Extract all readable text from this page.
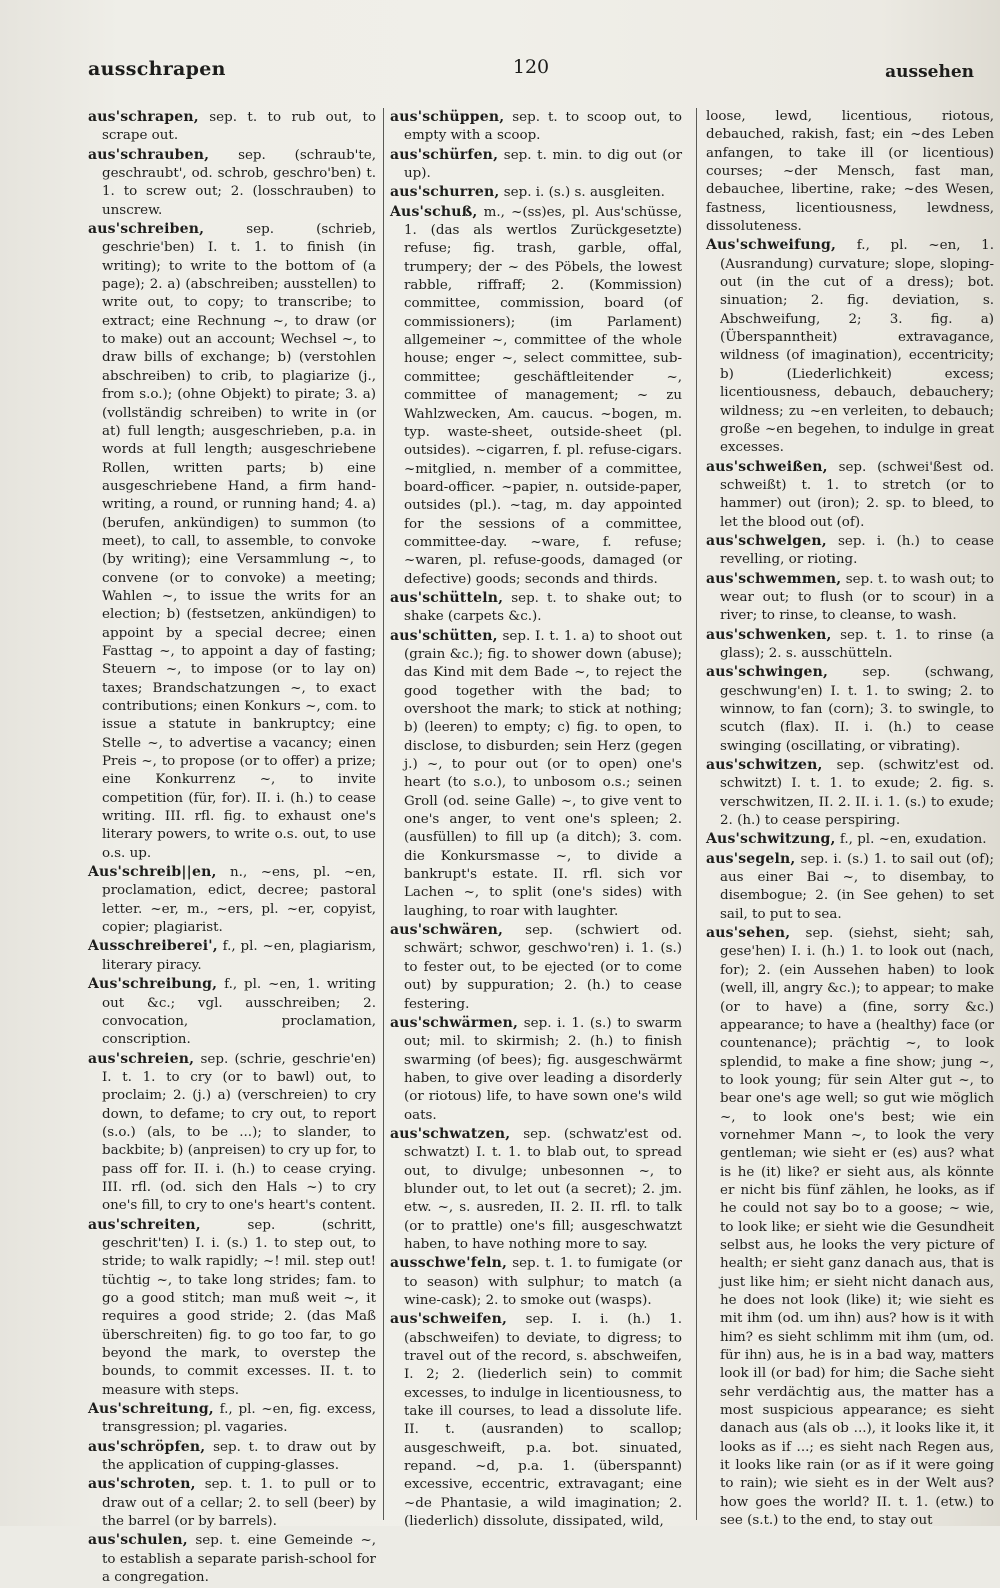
ausschrapen	120	aussehen

aus'schrapen, sep. t. to rub out, to scrape out.

aus'schrauben, sep. (schraub'te, geschraubt', od. schrob, geschro'ben) t. 1. to screw out; 2. (losschrauben) to unscrew.

aus'schreiben, sep. (schrieb, geschrie'ben) I. t. 1. to finish (in writing); to write to the bottom of (a page); 2. a) (abschreiben; ausstellen) to write out, to copy; to transcribe; to extract; eine Rechnung ~, to draw (or to make) out an account; Wechsel ~, to draw bills of exchange; b) (verstohlen abschreiben) to crib, to plagiarize (j., from s.o.); (ohne Objekt) to pirate; 3. a) (vollständig schreiben) to write in (or at) full length; ausgeschrieben, p.a. in words at full length; ausgeschriebene Rollen, written parts; b) eine ausgeschriebene Hand, a firm hand-writing, a round, or running hand; 4. a) (berufen, ankündigen) to summon (to meet), to call, to assemble, to convoke (by writing); eine Versammlung ~, to convene (or to convoke) a meeting; Wahlen ~, to issue the writs for an election; b) (festsetzen, ankündigen) to appoint by a special decree; einen Fasttag ~, to appoint a day of fasting; Steuern ~, to impose (or to lay on) taxes; Brandschatzungen ~, to exact contributions; einen Konkurs ~, com. to issue a statute in bankruptcy; eine Stelle ~, to advertise a vacancy; einen Preis ~, to propose (or to offer) a prize; eine Konkurrenz ~, to invite competition (für, for). II. i. (h.) to cease writing. III. rfl. fig. to exhaust one's literary powers, to write o.s. out, to use o.s. up.

Aus'schreib||en, n., ~ens, pl. ~en, proclamation, edict, decree; pastoral letter. ~er, m., ~ers, pl. ~er, copyist, copier; plagiarist.

Ausschreiberei', f., pl. ~en, plagiarism, literary piracy.

Aus'schreibung, f., pl. ~en, 1. writing out &c.; vgl. ausschreiben; 2. convocation, proclamation, conscription.

aus'schreien, sep. (schrie, geschrie'en) I. t. 1. to cry (or to bawl) out, to proclaim; 2. (j.) a) (verschreien) to cry down, to defame; to cry out, to report (s.o.) (als, to be ...); to slander, to backbite; b) (anpreisen) to cry up for, to pass off for. II. i. (h.) to cease crying. III. rfl. (od. sich den Hals ~) to cry one's fill, to cry to one's heart's content.

aus'schreiten, sep. (schritt, geschrit'ten) I. i. (s.) 1. to step out, to stride; to walk rapidly; ~! mil. step out! tüchtig ~, to take long strides; fam. to go a good stitch; man muß weit ~, it requires a good stride; 2. (das Maß überschreiten) fig. to go too far, to go beyond the mark, to overstep the bounds, to commit excesses. II. t. to measure with steps.

Aus'schreitung, f., pl. ~en, fig. excess, transgression; pl. vagaries.

aus'schröpfen, sep. t. to draw out by the application of cupping-glasses.

aus'schroten, sep. t. 1. to pull or to draw out of a cellar; 2. to sell (beer) by the barrel (or by barrels).

aus'schulen, sep. t. eine Gemeinde ~, to establish a separate parish-school for a congregation.

aus'schüppen, sep. t. to scoop out, to empty with a scoop.

aus'schürfen, sep. t. min. to dig out (or up).

aus'schurren, sep. i. (s.) s. ausgleiten.

Aus'schuß, m., ~(ss)es, pl. Aus'schüsse, 1. (das als wertlos Zurückgesetzte) refuse; fig. trash, garble, offal, trumpery; der ~ des Pöbels, the lowest rabble, riffraff; 2. (Kommission) committee, commission, board (of commissioners); (im Parlament) allgemeiner ~, committee of the whole house; enger ~, select committee, sub-committee; geschäftleitender ~, committee of management; ~ zu Wahlzwecken, Am. caucus. ~bogen, m. typ. waste-sheet, outside-sheet (pl. outsides). ~cigarren, f. pl. refuse-cigars. ~mitglied, n. member of a committee, board-officer. ~papier, n. outside-paper, outsides (pl.). ~tag, m. day appointed for the sessions of a committee, committee-day. ~ware, f. refuse; ~waren, pl. refuse-goods, damaged (or defective) goods; seconds and thirds.

aus'schütteln, sep. t. to shake out; to shake (carpets &c.).

aus'schütten, sep. I. t. 1. a) to shoot out (grain &c.); fig. to shower down (abuse); das Kind mit dem Bade ~, to reject the good together with the bad; to overshoot the mark; to stick at nothing; b) (leeren) to empty; c) fig. to open, to disclose, to disburden; sein Herz (gegen j.) ~, to pour out (or to open) one's heart (to s.o.), to unbosom o.s.; seinen Groll (od. seine Galle) ~, to give vent to one's anger, to vent one's spleen; 2. (ausfüllen) to fill up (a ditch); 3. com. die Konkursmasse ~, to divide a bankrupt's estate. II. rfl. sich vor Lachen ~, to split (one's sides) with laughing, to roar with laughter.

aus'schwären, sep. (schwiert od. schwärt; schwor, geschwo'ren) i. 1. (s.) to fester out, to be ejected (or to come out) by suppuration; 2. (h.) to cease festering.

aus'schwärmen, sep. i. 1. (s.) to swarm out; mil. to skirmish; 2. (h.) to finish swarming (of bees); fig. ausgeschwärmt haben, to give over leading a disorderly (or riotous) life, to have sown one's wild oats.

aus'schwatzen, sep. (schwatz'est od. schwatzt) I. t. 1. to blab out, to spread out, to divulge; unbesonnen ~, to blunder out, to let out (a secret); 2. jm. etw. ~, s. ausreden, II. 2. II. rfl. to talk (or to prattle) one's fill; ausgeschwatzt haben, to have nothing more to say.

ausschwe'feln, sep. t. 1. to fumigate (or to season) with sulphur; to match (a wine-cask); 2. to smoke out (wasps).

aus'schweifen, sep. I. i. (h.) 1. (abschweifen) to deviate, to digress; to travel out of the record, s. abschweifen, I. 2; 2. (liederlich sein) to commit excesses, to indulge in licentiousness, to take ill courses, to lead a dissolute life. II. t. (ausranden) to scallop; ausgeschweift, p.a. bot. sinuated, repand. ~d, p.a. 1. (überspannt) excessive, eccentric, extravagant; eine ~de Phantasie, a wild imagination; 2. (liederlich) dissolute, dissipated, wild,

loose, lewd, licentious, riotous, debauched, rakish, fast; ein ~des Leben anfangen, to take ill (or licentious) courses; ~der Mensch, fast man, debauchee, libertine, rake; ~des Wesen, fastness, licentiousness, lewdness, dissoluteness.

Aus'schweifung, f., pl. ~en, 1. (Ausrandung) curvature; slope, sloping-out (in the cut of a dress); bot. sinuation; 2. fig. deviation, s. Abschweifung, 2; 3. fig. a) (Überspanntheit) extravagance, wildness (of imagination), eccentricity; b) (Liederlichkeit) excess; licentiousness, debauch, debauchery; wildness; zu ~en verleiten, to debauch; große ~en begehen, to indulge in great excesses.

aus'schweißen, sep. (schwei'ßest od. schweißt) t. 1. to stretch (or to hammer) out (iron); 2. sp. to bleed, to let the blood out (of).

aus'schwelgen, sep. i. (h.) to cease revelling, or rioting.

aus'schwemmen, sep. t. to wash out; to wear out; to flush (or to scour) in a river; to rinse, to cleanse, to wash.

aus'schwenken, sep. t. 1. to rinse (a glass); 2. s. ausschütteln.

aus'schwingen, sep. (schwang, geschwung'en) I. t. 1. to swing; 2. to winnow, to fan (corn); 3. to swingle, to scutch (flax). II. i. (h.) to cease swinging (oscillating, or vibrating).

aus'schwitzen, sep. (schwitz'est od. schwitzt) I. t. 1. to exude; 2. fig. s. verschwitzen, II. 2. II. i. 1. (s.) to exude; 2. (h.) to cease perspiring.

Aus'schwitzung, f., pl. ~en, exudation.

aus'segeln, sep. i. (s.) 1. to sail out (of); aus einer Bai ~, to disembay, to disembogue; 2. (in See gehen) to set sail, to put to sea.

aus'sehen, sep. (siehst, sieht; sah, gese'hen) I. i. (h.) 1. to look out (nach, for); 2. (ein Aussehen haben) to look (well, ill, angry &c.); to appear; to make (or to have) a (fine, sorry &c.) appearance; to have a (healthy) face (or countenance); prächtig ~, to look splendid, to make a fine show; jung ~, to look young; für sein Alter gut ~, to bear one's age well; so gut wie möglich ~, to look one's best; wie ein vornehmer Mann ~, to look the very gentleman; wie sieht er (es) aus? what is he (it) like? er sieht aus, als könnte er nicht bis fünf zählen, he looks, as if he could not say bo to a goose; ~ wie, to look like; er sieht wie die Gesundheit selbst aus, he looks the very picture of health; er sieht ganz danach aus, that is just like him; er sieht nicht danach aus, he does not look (like) it; wie sieht es mit ihm (od. um ihn) aus? how is it with him? es sieht schlimm mit ihm (um, od. für ihn) aus, he is in a bad way, matters look ill (or bad) for him; die Sache sieht sehr verdächtig aus, the matter has a most suspicious appearance; es sieht danach aus (als ob ...), it looks like it, it looks as if ...; es sieht nach Regen aus, it looks like rain (or as if it were going to rain); wie sieht es in der Welt aus? how goes the world? II. t. 1. (etw.) to see (s.t.) to the end, to stay out
